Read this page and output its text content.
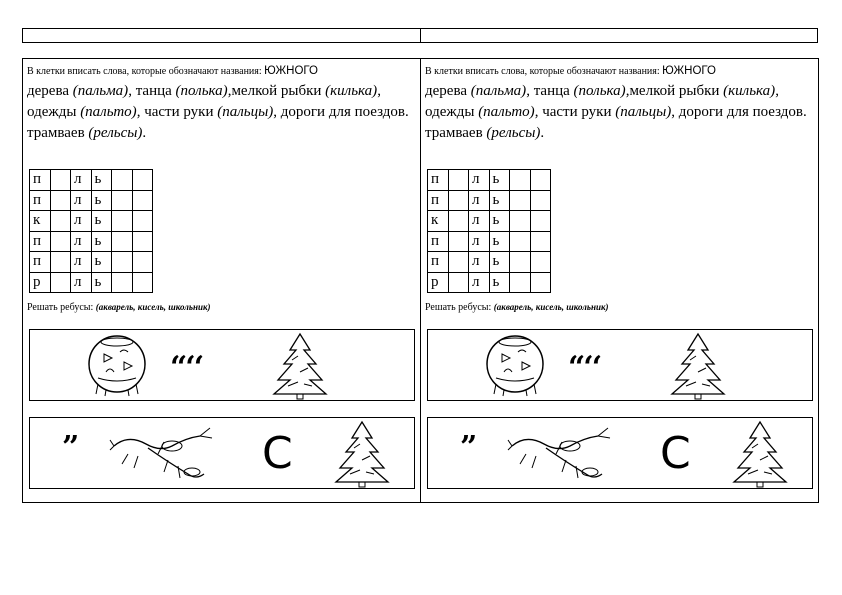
В клетки вписать слова, которые обозначают названия: ЮЖНОГО
дерева (пальма), танца (полька),мелкой рыбки (килька), одежды (пальто), части руки (пальцы), дороги для поездов. трамваев (рельсы).
п		л	ь		
п		л	ь		
к		л	ь		
п		л	ь		
п		л	ь		
р		л	ь		
Решать ребусы: (акварель, кисель, школьник)
“‘‘
”	С
В клетки вписать слова, которые обозначают названия: ЮЖНОГО
дерева (пальма), танца (полька),мелкой рыбки (килька), одежды (пальто), части руки (пальцы), дороги для поездов. трамваев (рельсы).
п		л	ь		
п		л	ь		
к		л	ь		
п		л	ь		
п		л	ь		
р		л	ь		
Решать ребусы: (акварель, кисель, школьник)
“‘‘
”	С
